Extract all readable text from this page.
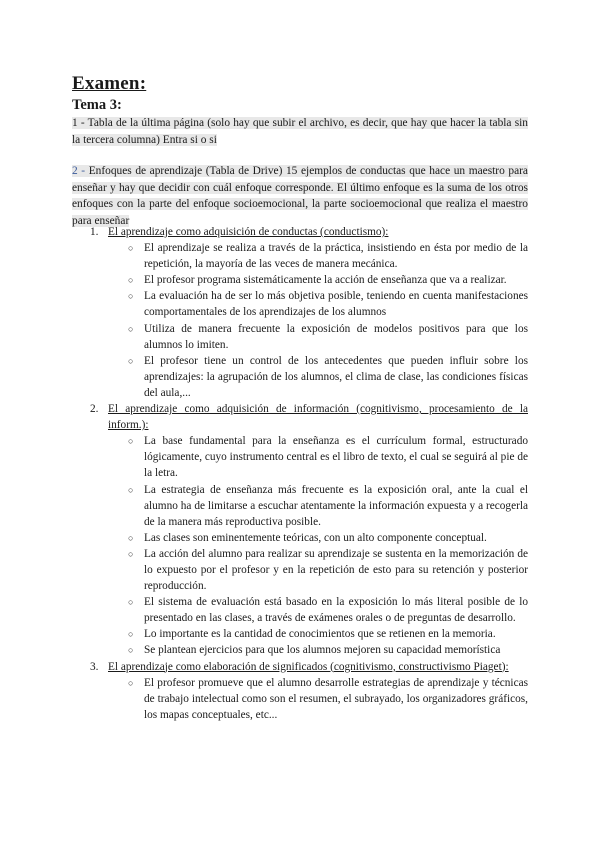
Examen:
Tema 3:
1 - Tabla de la última página (solo hay que subir el archivo, es decir, que hay que hacer la tabla sin la tercera columna) Entra si o si
2 - Enfoques de aprendizaje (Tabla de Drive) 15 ejemplos de conductas que hace un maestro para enseñar y hay que decidir con cuál enfoque corresponde. El último enfoque es la suma de los otros enfoques con la parte del enfoque socioemocional, la parte socioemocional que realiza el maestro para enseñar
1. El aprendizaje como adquisición de conductas (conductismo):
○ El aprendizaje se realiza a través de la práctica, insistiendo en ésta por medio de la repetición, la mayoría de las veces de manera mecánica.
○ El profesor programa sistemáticamente la acción de enseñanza que va a realizar.
○ La evaluación ha de ser lo más objetiva posible, teniendo en cuenta manifestaciones comportamentales de los aprendizajes de los alumnos
○ Utiliza de manera frecuente la exposición de modelos positivos para que los alumnos lo imiten.
○ El profesor tiene un control de los antecedentes que pueden influir sobre los aprendizajes: la agrupación de los alumnos, el clima de clase, las condiciones físicas del aula,...
2. El aprendizaje como adquisición de información (cognitivismo, procesamiento de la inform.):
○ La base fundamental para la enseñanza es el currículum formal, estructurado lógicamente, cuyo instrumento central es el libro de texto, el cual se seguirá al pie de la letra.
○ La estrategia de enseñanza más frecuente es la exposición oral, ante la cual el alumno ha de limitarse a escuchar atentamente la información expuesta y a recogerla de la manera más reproductiva posible.
○ Las clases son eminentemente teóricas, con un alto componente conceptual.
○ La acción del alumno para realizar su aprendizaje se sustenta en la memorización de lo expuesto por el profesor y en la repetición de esto para su retención y posterior reproducción.
○ El sistema de evaluación está basado en la exposición lo más literal posible de lo presentado en las clases, a través de exámenes orales o de preguntas de desarrollo.
○ Lo importante es la cantidad de conocimientos que se retienen en la memoria.
○ Se plantean ejercicios para que los alumnos mejoren su capacidad memorística
3. El aprendizaje como elaboración de significados (cognitivismo, constructivismo Piaget):
○ El profesor promueve que el alumno desarrolle estrategias de aprendizaje y técnicas de trabajo intelectual como son el resumen, el subrayado, los organizadores gráficos, los mapas conceptuales, etc...
